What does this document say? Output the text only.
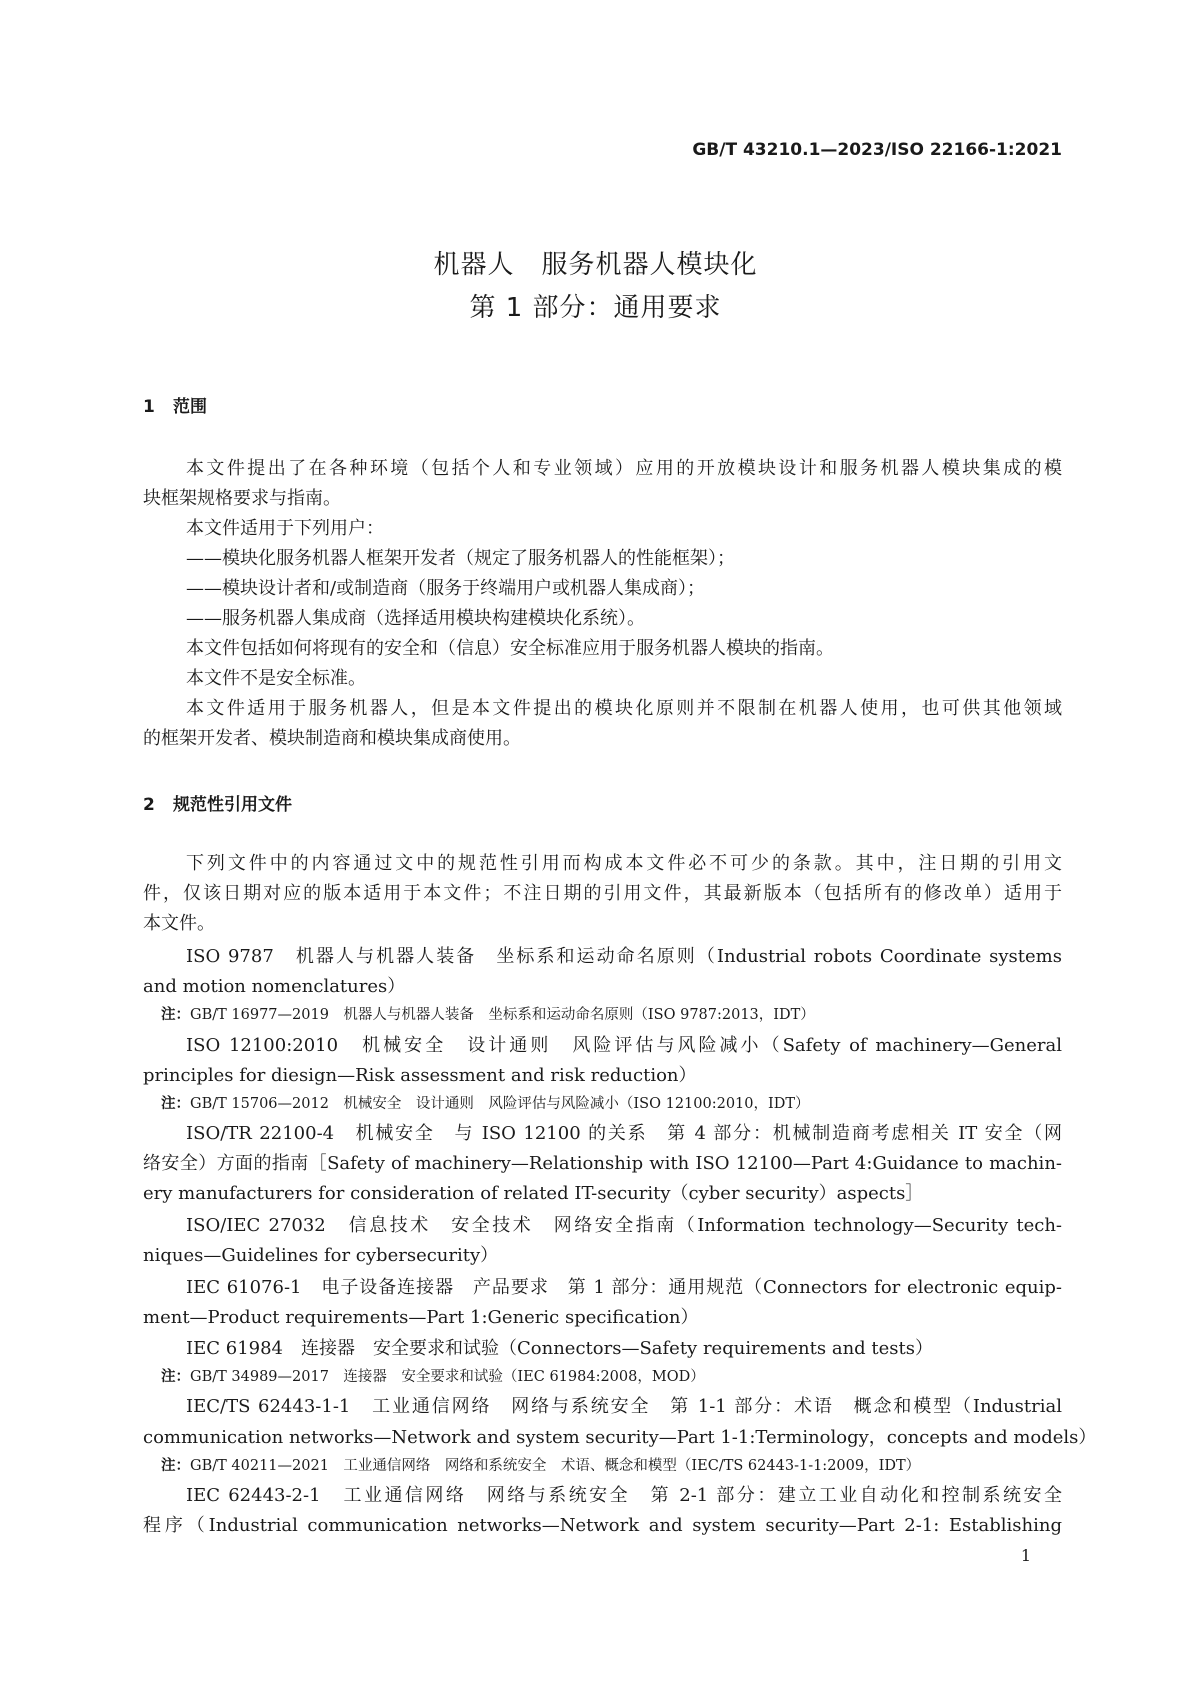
GB/T 43210.1—2023/ISO 22166-1:2021
机器人　服务机器人模块化
第 1 部分：通用要求
1 范围
本文件提出了在各种环境（包括个人和专业领域）应用的开放模块设计和服务机器人模块集成的模
块框架规格要求与指南。
本文件适用于下列用户：
——模块化服务机器人框架开发者（规定了服务机器人的性能框架）；
——模块设计者和/或制造商（服务于终端用户或机器人集成商）；
——服务机器人集成商（选择适用模块构建模块化系统）。
本文件包括如何将现有的安全和（信息）安全标准应用于服务机器人模块的指南。
本文件不是安全标准。
本文件适用于服务机器人，但是本文件提出的模块化原则并不限制在机器人使用，也可供其他领域
的框架开发者、模块制造商和模块集成商使用。
2 规范性引用文件
下列文件中的内容通过文中的规范性引用而构成本文件必不可少的条款。其中，注日期的引用文
件，仅该日期对应的版本适用于本文件；不注日期的引用文件，其最新版本（包括所有的修改单）适用于
本文件。
ISO 9787　机器人与机器人装备　坐标系和运动命名原则（Industrial robots Coordinate systems
and motion nomenclatures）
注：GB/T 16977—2019　机器人与机器人装备　坐标系和运动命名原则（ISO 9787:2013，IDT）
ISO 12100:2010　机械安全　设计通则　风险评估与风险减小（Safety of machinery—General
principles for diesign—Risk assessment and risk reduction）
注：GB/T 15706—2012　机械安全　设计通则　风险评估与风险减小（ISO 12100:2010，IDT）
ISO/TR 22100-4　机械安全　与 ISO 12100 的关系　第 4 部分：机械制造商考虑相关 IT 安全（网
络安全）方面的指南［Safety of machinery—Relationship with ISO 12100—Part 4:Guidance to machin-
ery manufacturers for consideration of related IT-security（cyber security）aspects］
ISO/IEC 27032　信息技术　安全技术　网络安全指南（Information technology—Security tech-
niques—Guidelines for cybersecurity）
IEC 61076-1　电子设备连接器　产品要求　第 1 部分：通用规范（Connectors for electronic equip-
ment—Product requirements—Part 1:Generic specification）
IEC 61984　连接器　安全要求和试验（Connectors—Safety requirements and tests）
注：GB/T 34989—2017　连接器　安全要求和试验（IEC 61984:2008，MOD）
IEC/TS 62443-1-1　工业通信网络　网络与系统安全　第 1-1 部分：术语　概念和模型（Industrial
communication networks—Network and system security—Part 1-1:Terminology，concepts and models）
注：GB/T 40211—2021　工业通信网络　网络和系统安全　术语、概念和模型（IEC/TS 62443-1-1:2009，IDT）
IEC 62443-2-1　工业通信网络　网络与系统安全　第 2-1 部分：建立工业自动化和控制系统安全
程序（Industrial communication networks—Network and system security—Part 2-1: Establishing
1
